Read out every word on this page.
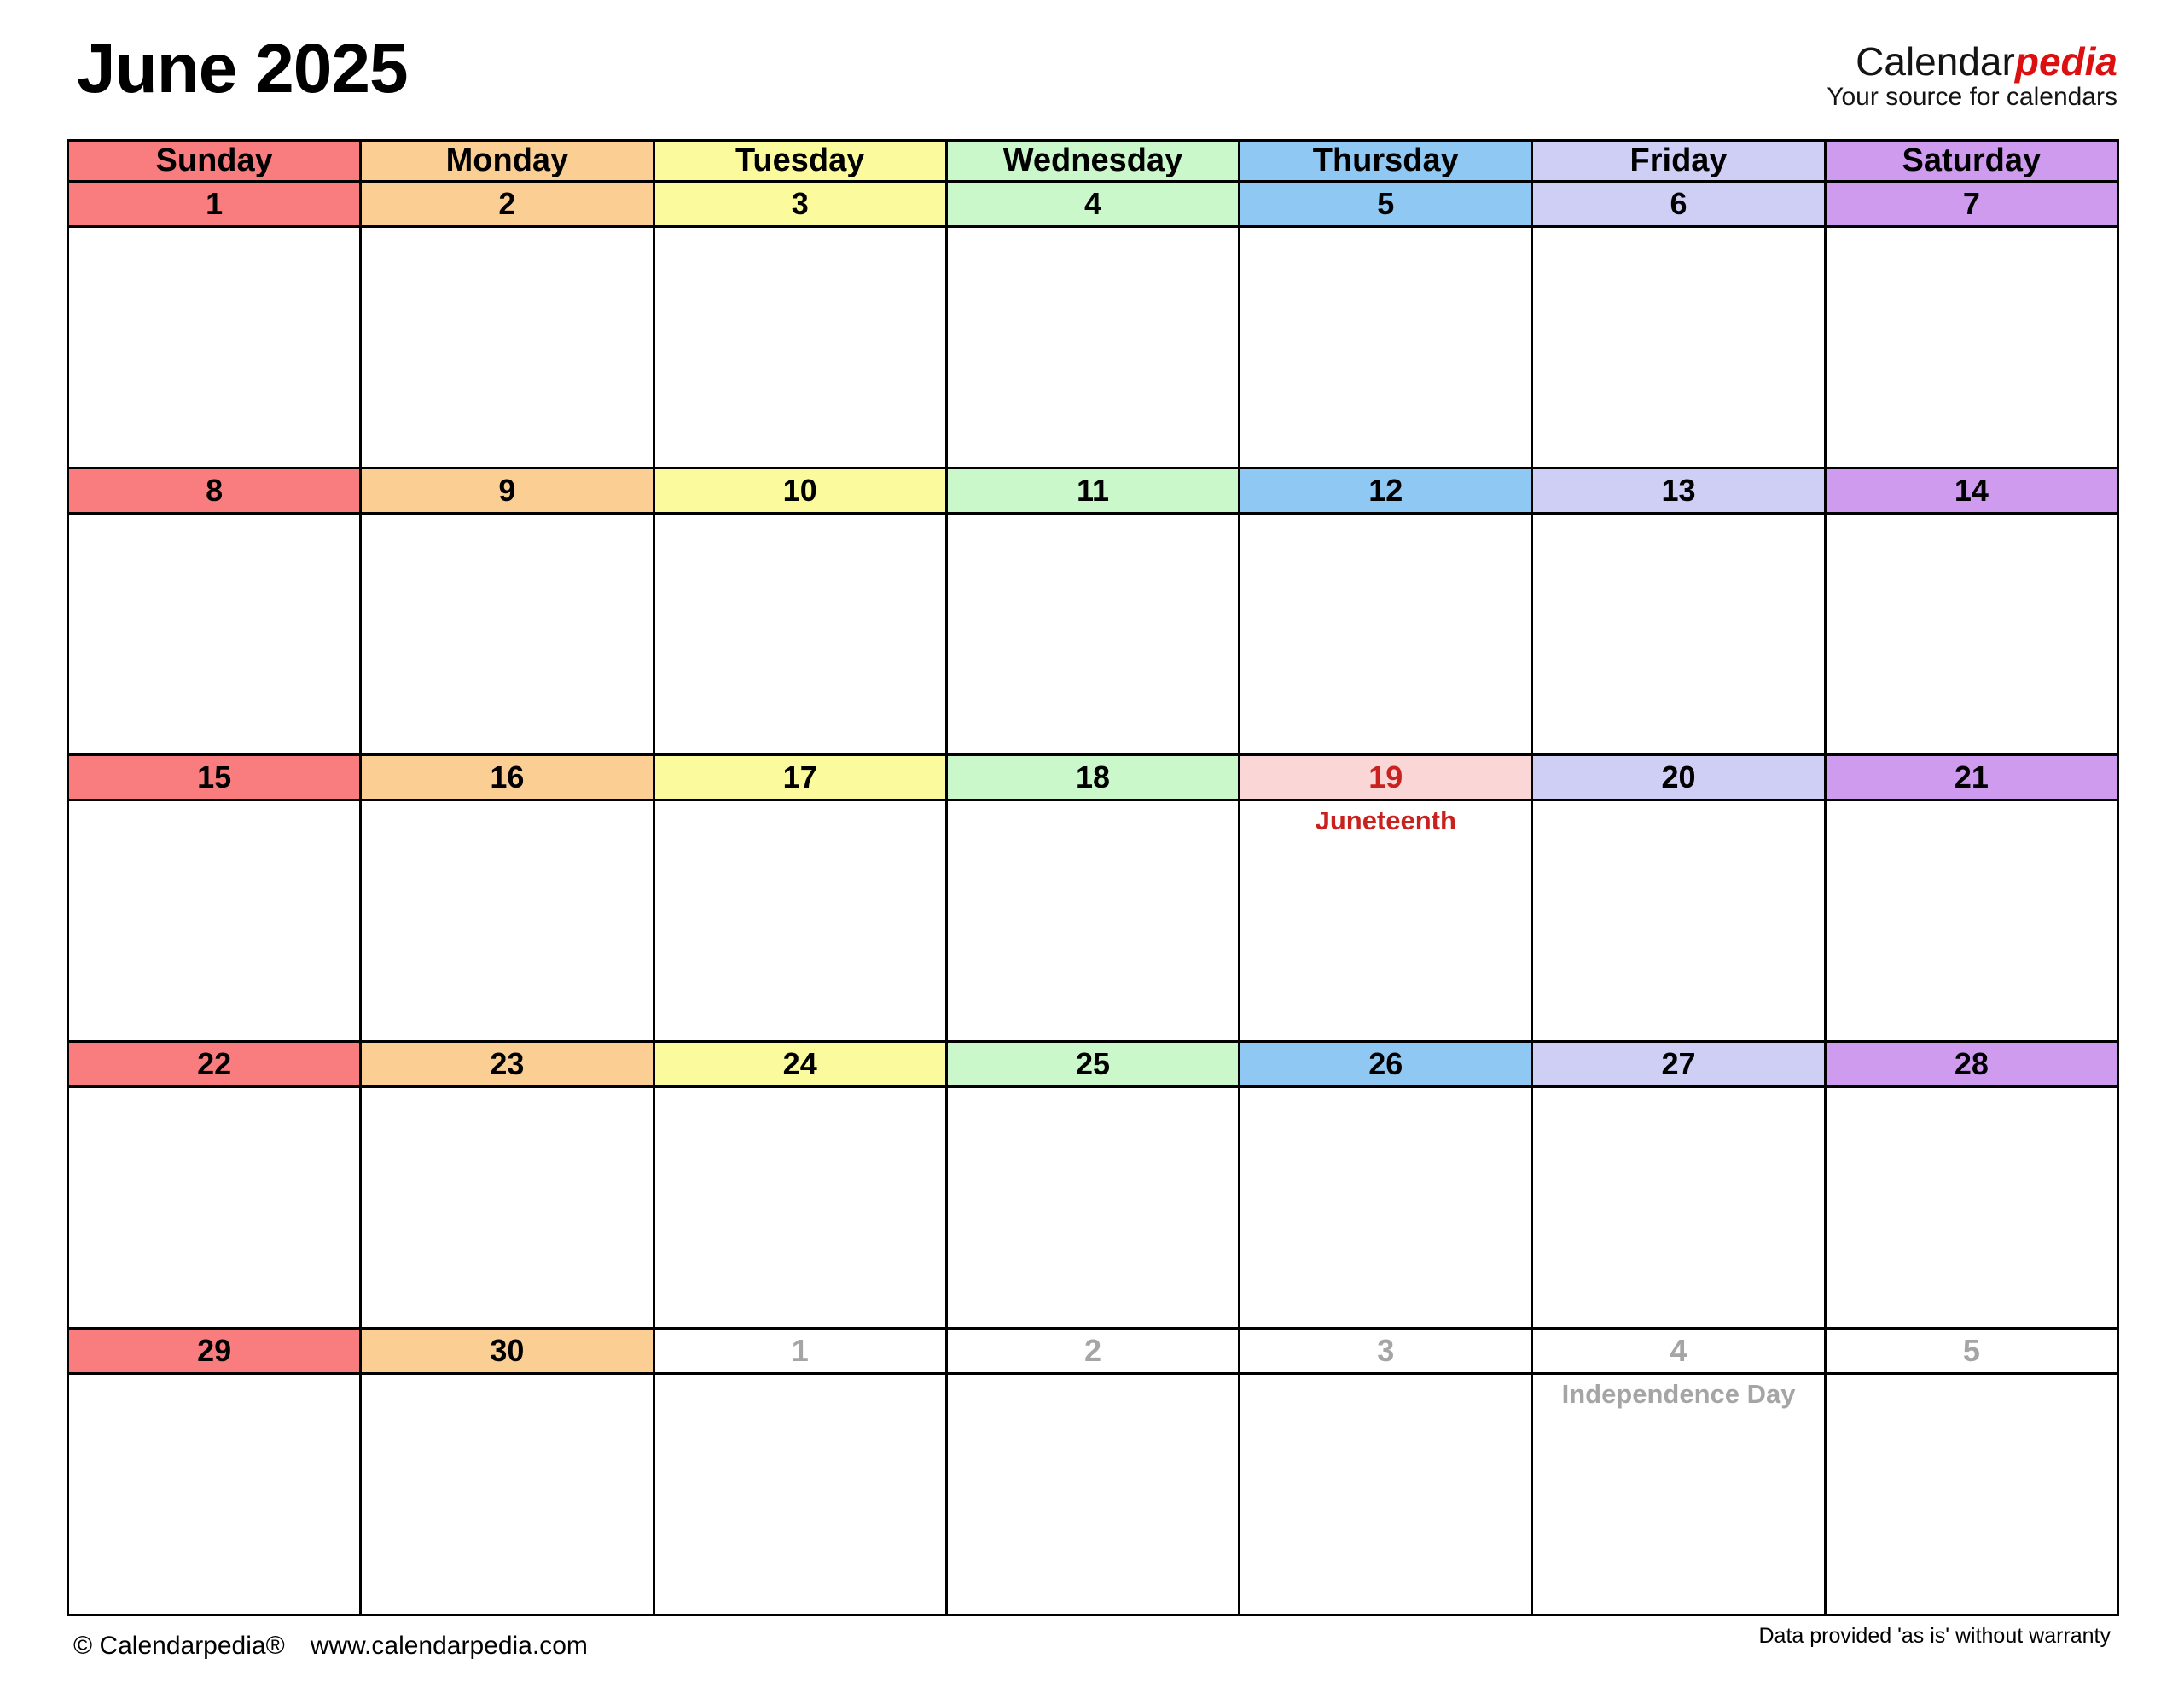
June 2025	Calendarpedia
Your source for calendars
Sunday	Monday	Tuesday	Wednesday	Thursday	Friday	Saturday
1	2	3	4	5	6	7

8	9	10	11	12	13	14

15	16	17	18	19	20	21

				Juneteenth		

22	23	24	25	26	27	28

29	30	1	2	3	4	5

					Independence Day	

© Calendarpedia® www.calendarpedia.com	Data provided 'as is' without warranty
